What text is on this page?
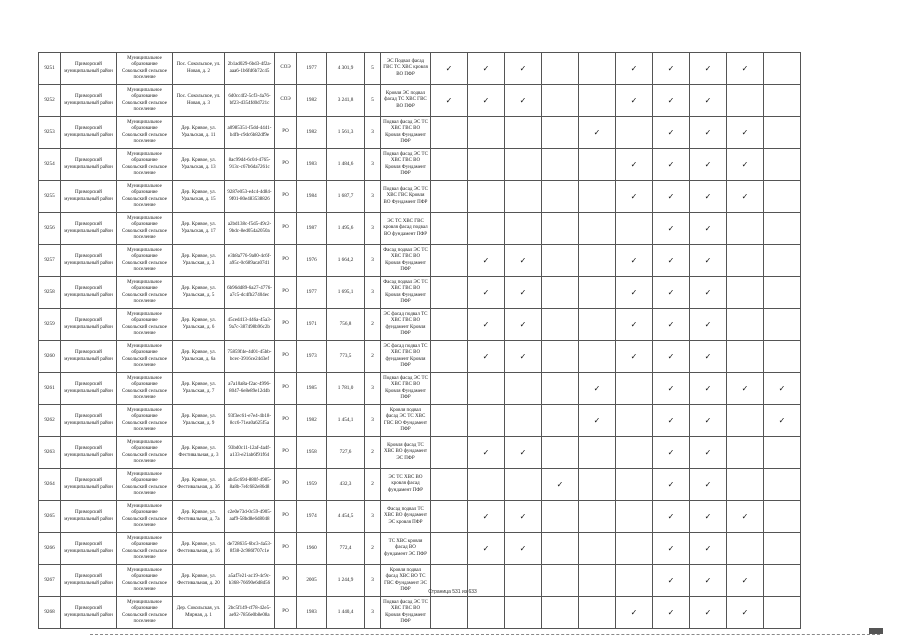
9251	Приморский муниципальный район	Муниципальное образование Сокольский сельское поселение	Пос. Сокольское, ул. Новая, д. 2	2b1ad029-6bd3-4f2a-aaa6-1b6fd6b72c45	СОЭ	1977	4 301,9	5	ЭС Подвал фасад ГВС ТС ХВС кровля ВО ПФР	✓	✓	✓			✓	✓	✓	✓	
9252	Приморский муниципальный район	Муниципальное образование Сокольский сельское поселение	Пос. Сокольское, ул. Новая, д. 3	6d0cc4f2-5cf3-4a76-bf23-d354fd0d721c	СОЭ	1982	3 241,8	5	Кровля ЭС подвал фасад ТС ХВС ГВС ВО ПФР	✓	✓	✓			✓	✓	✓		
9253	Приморский муниципальный район	Муниципальное образование Сокольский сельское поселение	Дер. Кривое, ул. Уральская, д. 11	a0985351-f5dd-4441-b4fb-c9dc6b82df9e	РО	1982	1 561,3	3	Подвал фасад ЭС ТС ХВС ГВС ВО Кровля Фундамент ПФР					✓		✓	✓	✓	
9254	Приморский муниципальный район	Муниципальное образование Сокольский сельское поселение	Дер. Кривое, ул. Уральская, д. 13	8ac99d4-6c04-4765-913c-c67b6da7261c	РО	1983	1 484,6	3	Подвал фасад ЭС ТС ХВС ГВС ВО Кровля Фундамент ПФР						✓	✓	✓	✓	
9255	Приморский муниципальный район	Муниципальное образование Сокольский сельское поселение	Дер. Кривое, ул. Уральская, д. 15	9287e053-e4c4-4d84-9f01-80e483538826	РО	1984	1 687,7	3	Подвал фасад ЭС ТС ХВС ГВС Кровля ВО Фундамент ПФР						✓	✓	✓	✓	
9256	Приморский муниципальный район	Муниципальное образование Сокольский сельское поселение	Дер. Кривое, ул. Уральская, д. 17	a2bd138c-f5d5-49c2-9bdc-8ed054a2050a	РО	1987	1 495,6	3	ЭС ТС ХВС ГВС кровля фасад подвал ВО фундамент ПФР							✓	✓		
9257	Приморский муниципальный район	Муниципальное образование Сокольский сельское поселение	Дер. Кривое, ул. Уральская, д. 3	e3b8a776-9a00-4c6f-a95c-0c689aca07d1	РО	1976	1 664,2	3	Фасад подвал ЭС ТС ХВС ГВС ВО Кровля Фундамент ПФР		✓	✓			✓	✓	✓		
9258	Приморский муниципальный район	Муниципальное образование Сокольский сельское поселение	Дер. Кривое, ул. Уральская, д. 5	6b96dd89-6a27-4776-a7c5-dc4fb27404ec	РО	1977	1 695,1	3	Фасад подвал ЭС ТС ХВС ГВС ВО Кровля Фундамент ПФР		✓	✓			✓	✓	✓		
9259	Приморский муниципальный район	Муниципальное образование Сокольский сельское поселение	Дер. Кривое, ул. Уральская, д. 6	45ced413-446a-45a3-9a7c-387498b96c2b	РО	1971	756,8	2	ЭС фасад подвал ТС ХВС ГВС ВО фундамент Кровля ПФР		✓	✓			✓	✓	✓		
9260	Приморский муниципальный район	Муниципальное образование Сокольский сельское поселение	Дер. Кривое, ул. Уральская, д. 6а	75859f4e-4d01-45bb-bcec-3916ce24d3ef	РО	1973	773,5	2	ЭС фасад подвал ТС ХВС ГВС ВО фундамент Кровля ПФР		✓	✓			✓	✓	✓		
9261	Приморский муниципальный район	Муниципальное образование Сокольский сельское поселение	Дер. Кривое, ул. Уральская, д. 7	a7a10a8a-f2ac-4996-8047-6e8e89e12d4b	РО	1985	1 781,0	3	Подвал фасад ЭС ТС ХВС ГВС ВО Кровля Фундамент ПФР					✓		✓	✓	✓	✓
9262	Приморский муниципальный район	Муниципальное образование Сокольский сельское поселение	Дер. Кривое, ул. Уральская, д. 9	93f3ec61-e7e4-4b18-8cc6-71ea0a625f5a	РО	1982	1 454,1	3	Кровля подвал фасад ЭС ТС ХВС ГВС ВО Фундамент ПФР					✓		✓	✓		✓
9263	Приморский муниципальный район	Муниципальное образование Сокольский сельское поселение	Дер. Кривое, ул. Фестивальная, д. 3	93bd0c11-12af-4a4f-a133-e21ab6f91f64	РО	1958	727,6	2	Кровля фасад ТС ХВС ВО фундамент ЭС ПФР		✓	✓				✓	✓		
9264	Приморский муниципальный район	Муниципальное образование Сокольский сельское поселение	Дер. Кривое, ул. Фестивальная, д. 3б	ab45c694-880f-4985-8a8b-7efc682e86d8	РО	1959	432,3	2	ЭС ТС ХВС ВО кровля фасад фундамент ПФР				✓			✓	✓		
9265	Приморский муниципальный район	Муниципальное образование Сокольский сельское поселение	Дер. Кривое, ул. Фестивальная, д. 7а	c2e0e73d-0c59-4905-aaf9-58bd8e6d8048	РО	1974	4 454,5	3	Фасад подвал ТС ХВС ВО фундамент ЭС кровля ПФР		✓	✓				✓	✓	✓	
9266	Приморский муниципальный район	Муниципальное образование Сокольский сельское поселение	Дер. Кривое, ул. Фестивальная, д. 16	de728635-6bc3-4a53-8f38-2c986f707c1e	РО	1960	772,4	2	ТС ХВС кровля фасад ВО фундамент ЭС ПФР		✓	✓				✓	✓		
9267	Приморский муниципальный район	Муниципальное образование Сокольский сельское поселение	Дер. Кривое, ул. Фестивальная, д. 20	a5af7e21-ac19-4c9c-b368-76690e6d8d56	РО	2005	1 244,9	3	Кровля подвал фасад ХВС ВО ТС ГВС Фундамент ЭС ПФР							✓	✓	✓	
9268	Приморский муниципальный район	Муниципальное образование Сокольский сельское поселение	Дер. Сокольская, ул. Мирная, д. 1	2bc5f149-cf78-42e5-ae92-7856e0b8e08a	РО	1983	1 440,4	3	Подвал фасад ЭС ТС ХВС ГВС ВО Кровля Фундамент ПФР						✓	✓	✓	✓	
Страница 531 из 633
